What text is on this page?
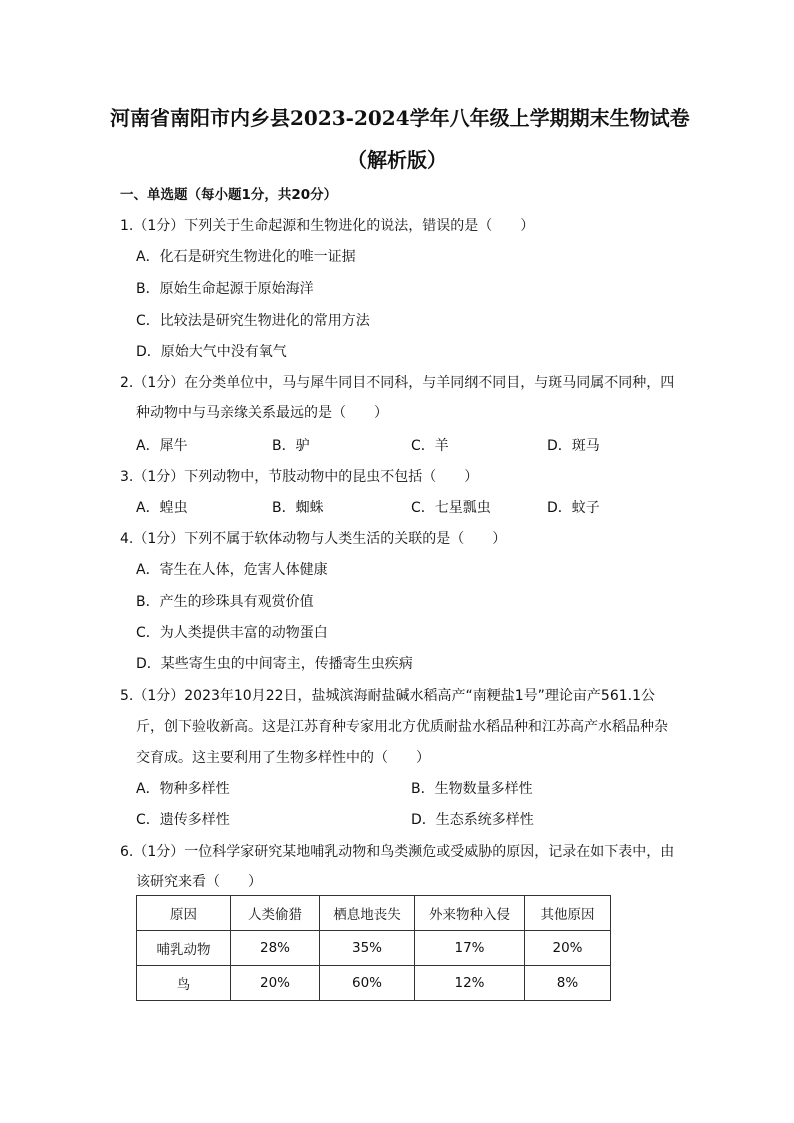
河南省南阳市内乡县2023-2024学年八年级上学期期末生物试卷
（解析版）
一、单选题（每小题1分，共20分）
1.（1分）下列关于生命起源和生物进化的说法，错误的是（　　）
A．化石是研究生物进化的唯一证据
B．原始生命起源于原始海洋
C．比较法是研究生物进化的常用方法
D．原始大气中没有氧气
2.（1分）在分类单位中，马与犀牛同目不同科，与羊同纲不同目，与斑马同属不同种，四
种动物中与马亲缘关系最远的是（　　）
A．犀牛	B．驴	C．羊	D．斑马
3.（1分）下列动物中，节肢动物中的昆虫不包括（　　）
A．蝗虫	B．蜘蛛	C．七星瓢虫	D．蚊子
4.（1分）下列不属于软体动物与人类生活的关联的是（　　）
A．寄生在人体，危害人体健康
B．产生的珍珠具有观赏价值
C．为人类提供丰富的动物蛋白
D．某些寄生虫的中间寄主，传播寄生虫疾病
5.（1分）2023年10月22日，盐城滨海耐盐碱水稻高产“南粳盐1号”理论亩产561.1公
斤，创下验收新高。这是江苏育种专家用北方优质耐盐水稻品种和江苏高产水稻品种杂
交育成。这主要利用了生物多样性中的（　　）
A．物种多样性	B．生物数量多样性
C．遗传多样性	D．生态系统多样性
6.（1分）一位科学家研究某地哺乳动物和鸟类濒危或受威胁的原因，记录在如下表中，由
该研究来看（　　）
原因	人类偷猎	栖息地丧失	外来物种入侵	其他原因
哺乳动物	28%	35%	17%	20%
鸟	20%	60%	12%	8%
